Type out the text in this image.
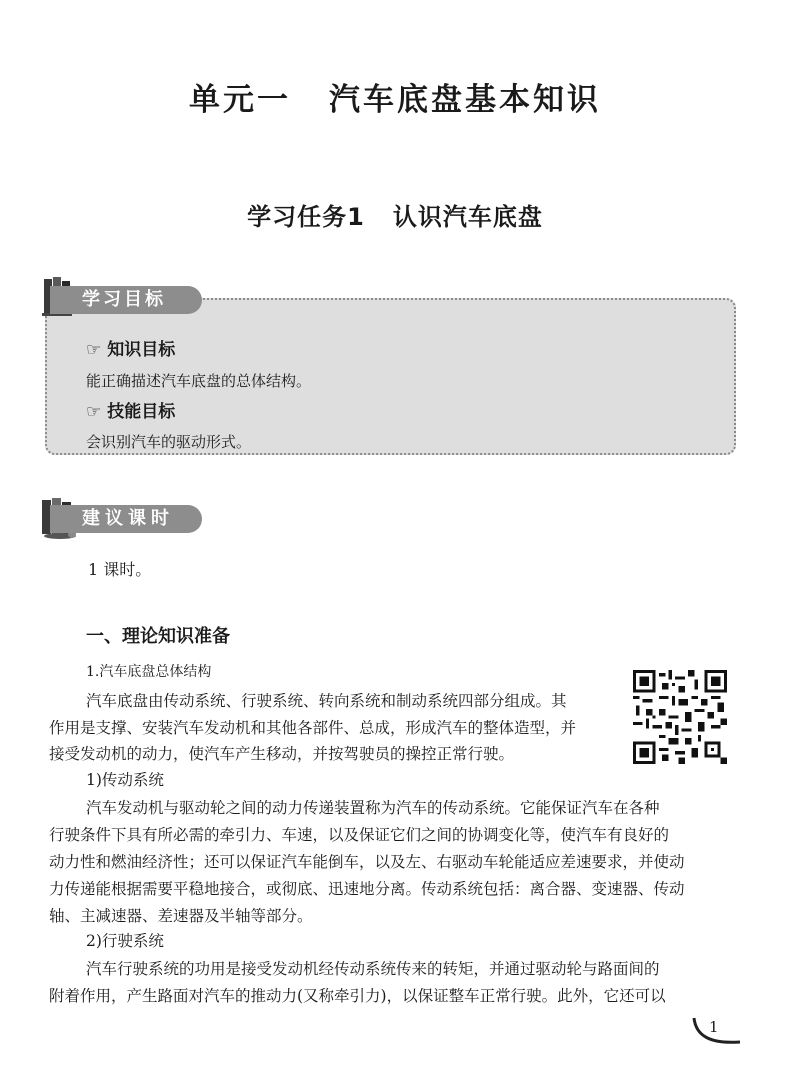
单元一 汽车底盘基本知识
学习任务1 认识汽车底盘
学习目标
☞ 知识目标
能正确描述汽车底盘的总体结构。
☞ 技能目标
会识别汽车的驱动形式。
建议课时
1 课时。
一、理论知识准备
1.汽车底盘总体结构
汽车底盘由传动系统、行驶系统、转向系统和制动系统四部分组成。其
作用是支撑、安装汽车发动机和其他各部件、总成，形成汽车的整体造型，并
接受发动机的动力，使汽车产生移动，并按驾驶员的操控正常行驶。
1)传动系统
汽车发动机与驱动轮之间的动力传递装置称为汽车的传动系统。它能保证汽车在各种
行驶条件下具有所必需的牵引力、车速，以及保证它们之间的协调变化等，使汽车有良好的
动力性和燃油经济性；还可以保证汽车能倒车，以及左、右驱动车轮能适应差速要求，并使动
力传递能根据需要平稳地接合，或彻底、迅速地分离。传动系统包括：离合器、变速器、传动
轴、主减速器、差速器及半轴等部分。
2)行驶系统
汽车行驶系统的功用是接受发动机经传动系统传来的转矩，并通过驱动轮与路面间的
附着作用，产生路面对汽车的推动力(又称牵引力)，以保证整车正常行驶。此外，它还可以
1
